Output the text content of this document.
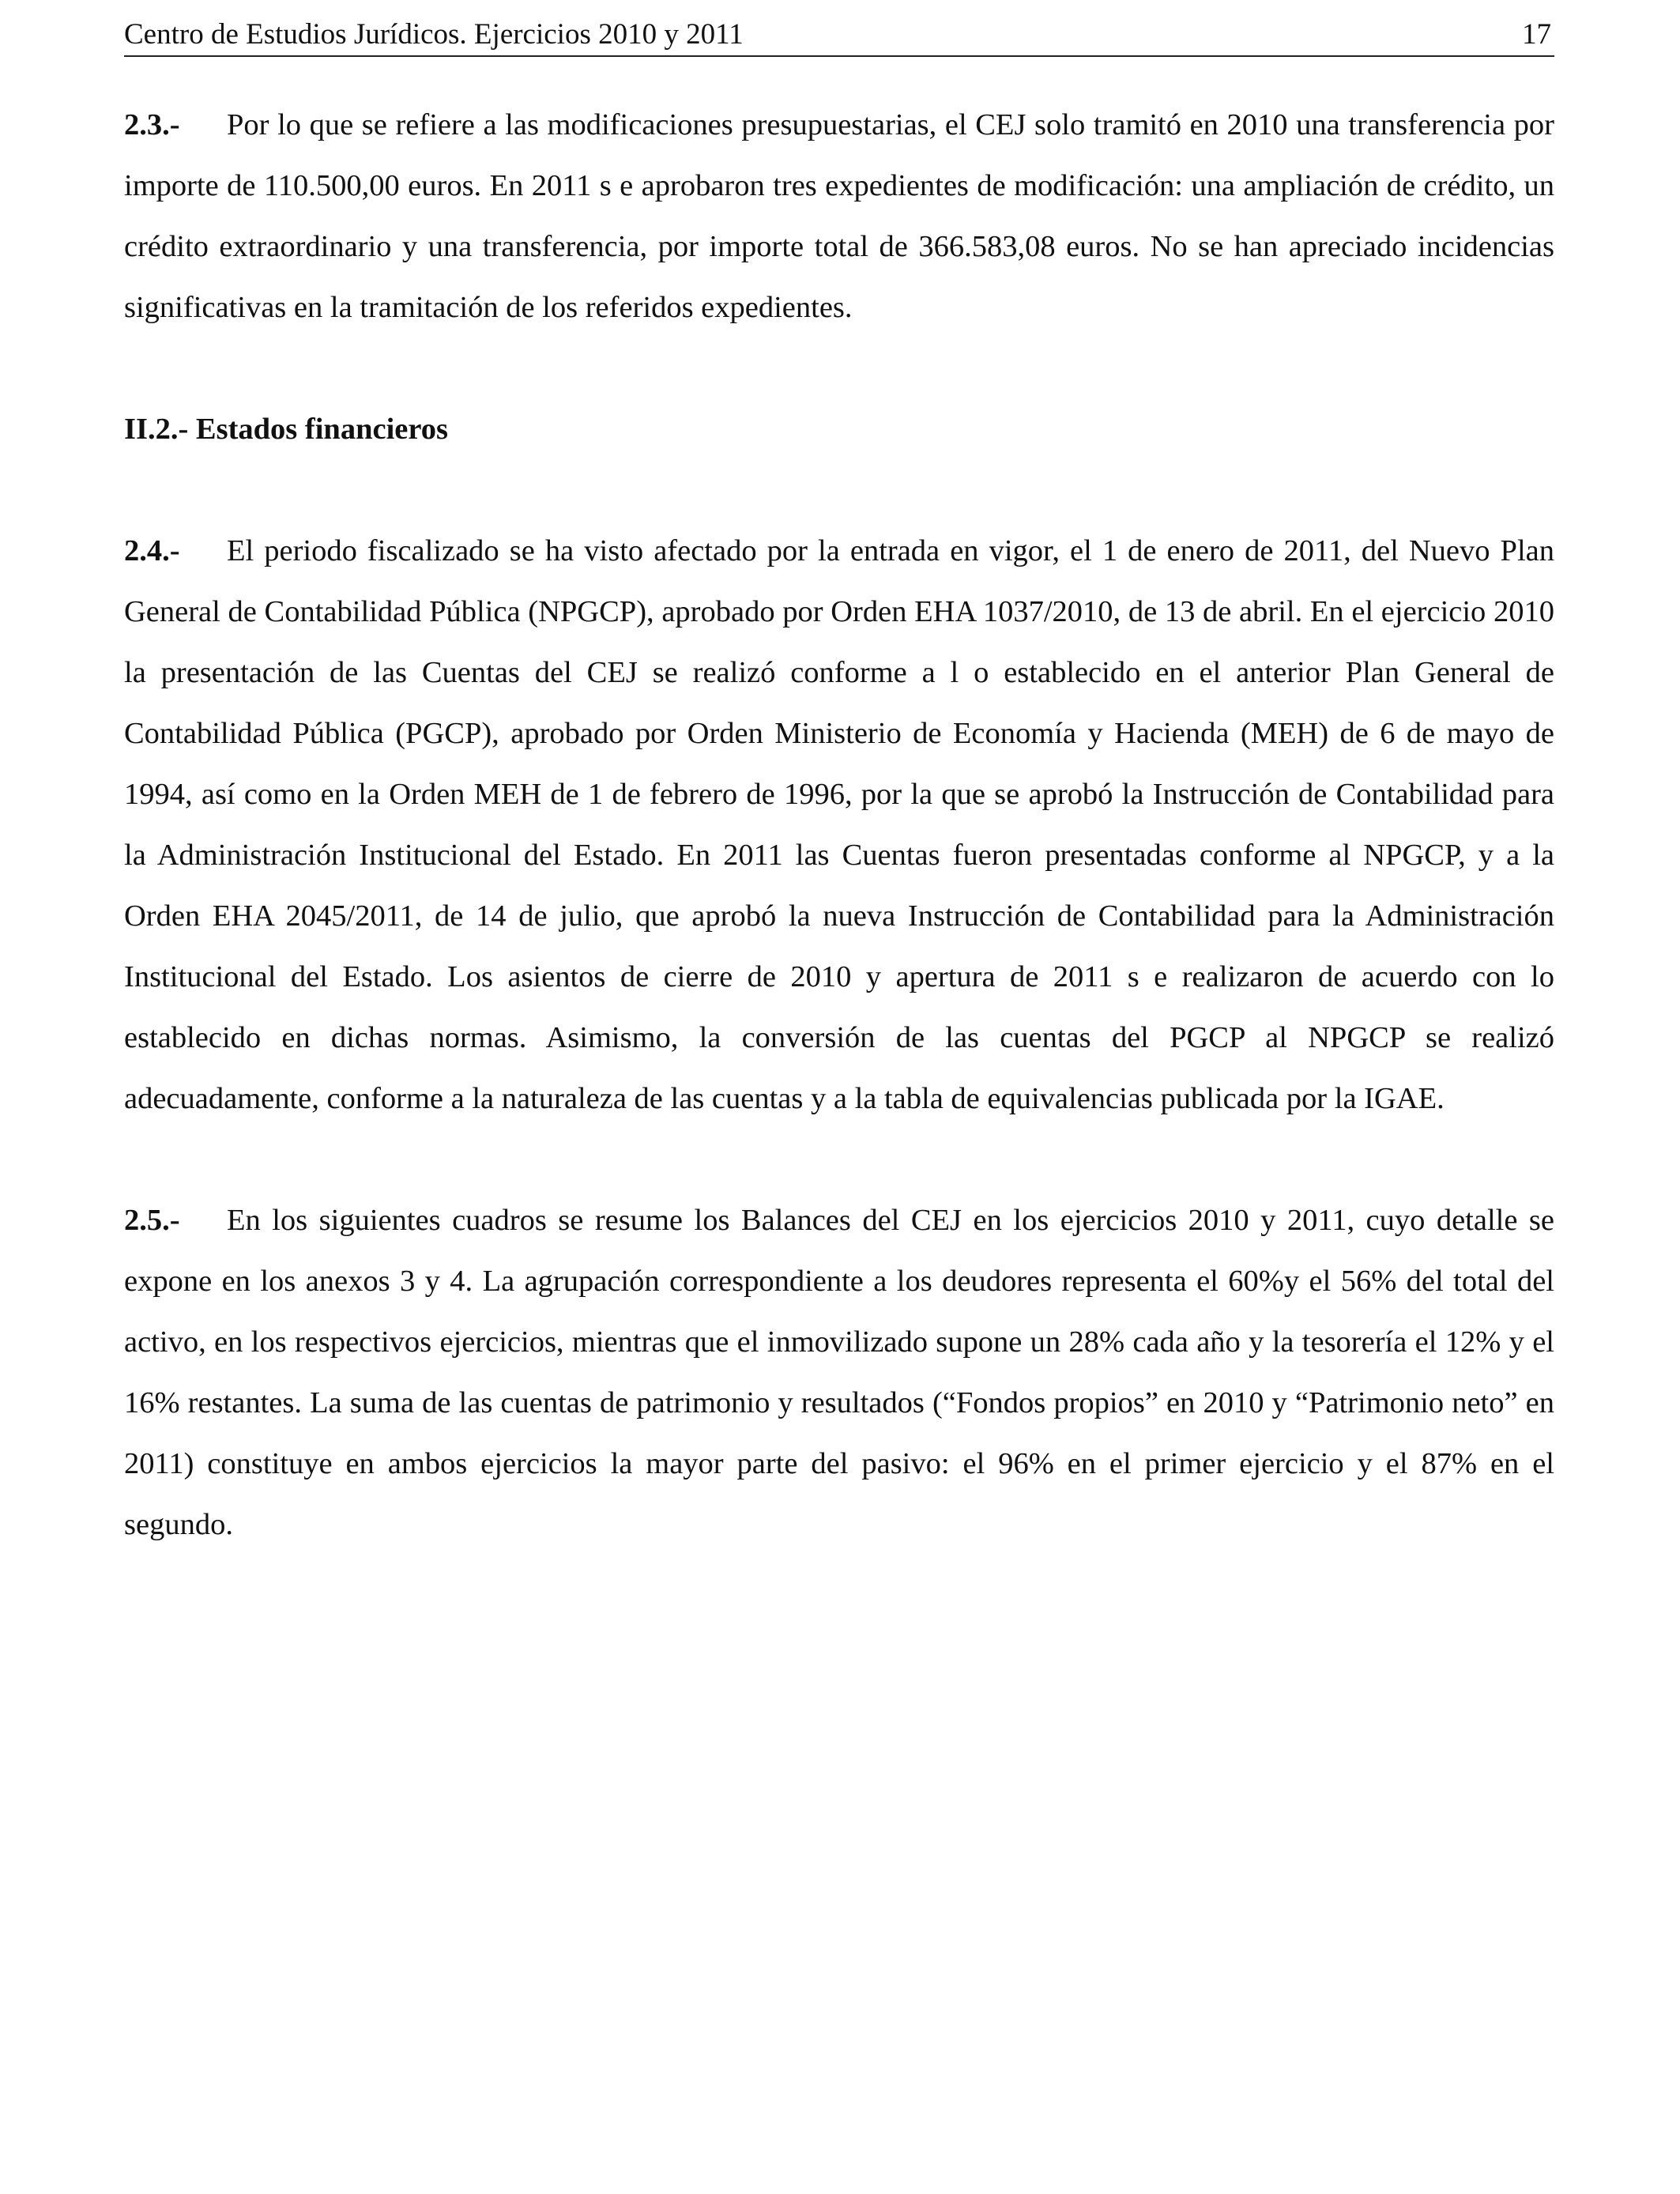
Centro de Estudios Jurídicos. Ejercicios 2010 y 2011	17

2.3.- Por lo que se refiere a las modificaciones presupuestarias, el CEJ solo tramitó en 2010 una transferencia por importe de 110.500,00 euros. En 2011 s e aprobaron tres expedientes de modificación: una ampliación de crédito, un crédito extraordinario y una transferencia, por importe total de 366.583,08 euros. No se han apreciado incidencias significativas en la tramitación de los referidos expedientes.

II.2.- Estados financieros

2.4.- El periodo fiscalizado se ha visto afectado por la entrada en vigor, el 1 de enero de 2011, del Nuevo Plan General de Contabilidad Pública (NPGCP), aprobado por Orden EHA 1037/2010, de 13 de abril. En el ejercicio 2010 la presentación de las Cuentas del CEJ se realizó conforme a l o establecido en el anterior Plan General de Contabilidad Pública (PGCP), aprobado por Orden Ministerio de Economía y Hacienda (MEH) de 6 de mayo de 1994, así como en la Orden MEH de 1 de febrero de 1996, por la que se aprobó la Instrucción de Contabilidad para la Administración Institucional del Estado. En 2011 las Cuentas fueron presentadas conforme al NPGCP, y a la Orden EHA 2045/2011, de 14 de julio, que aprobó la nueva Instrucción de Contabilidad para la Administración Institucional del Estado. Los asientos de cierre de 2010 y apertura de 2011 s e realizaron de acuerdo con lo establecido en dichas normas. Asimismo, la conversión de las cuentas del PGCP al NPGCP se realizó adecuadamente, conforme a la naturaleza de las cuentas y a la tabla de equivalencias publicada por la IGAE.

2.5.- En los siguientes cuadros se resume los Balances del CEJ en los ejercicios 2010 y 2011, cuyo detalle se expone en los anexos 3 y 4. La agrupación correspondiente a los deudores representa el 60%y el 56% del total del activo, en los respectivos ejercicios, mientras que el inmovilizado supone un 28% cada año y la tesorería el 12% y el 16% restantes. La suma de las cuentas de patrimonio y resultados (“Fondos propios” en 2010 y “Patrimonio neto” en 2011) constituye en ambos ejercicios la mayor parte del pasivo: el 96% en el primer ejercicio y el 87% en el segundo.
